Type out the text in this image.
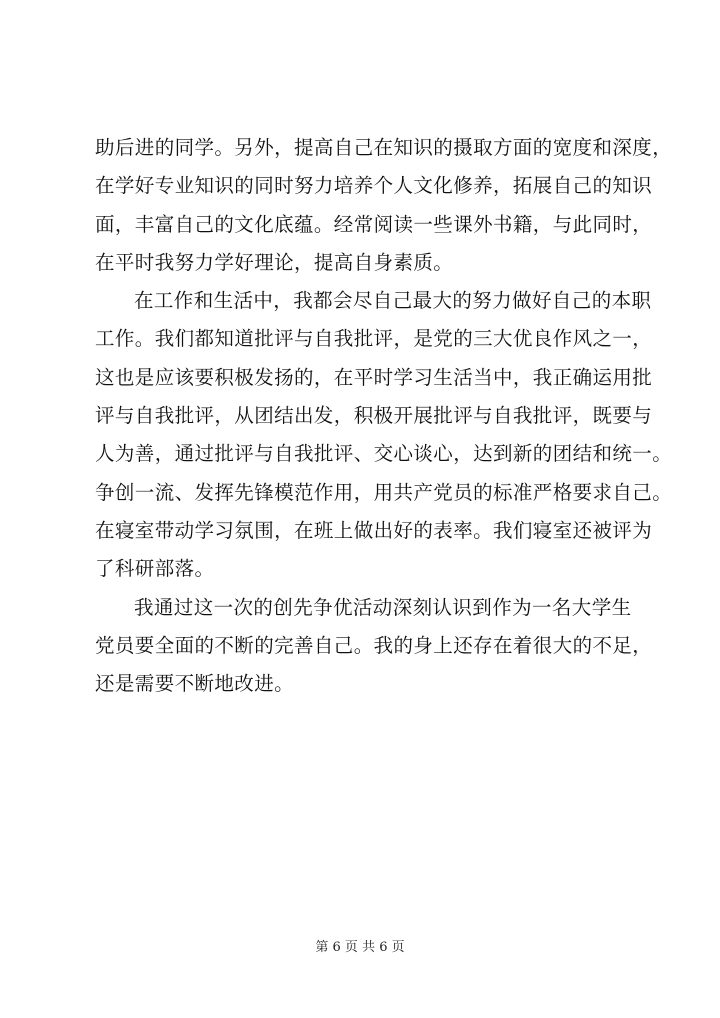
助后进的同学。另外，提高自己在知识的摄取方面的宽度和深度，
在学好专业知识的同时努力培养个人文化修养，拓展自己的知识
面，丰富自己的文化底蕴。经常阅读一些课外书籍，与此同时，
在平时我努力学好理论，提高自身素质。
在工作和生活中，我都会尽自己最大的努力做好自己的本职
工作。我们都知道批评与自我批评，是党的三大优良作风之一，
这也是应该要积极发扬的，在平时学习生活当中，我正确运用批
评与自我批评，从团结出发，积极开展批评与自我批评，既要与
人为善，通过批评与自我批评、交心谈心，达到新的团结和统一。
争创一流、发挥先锋模范作用，用共产党员的标准严格要求自己。
在寝室带动学习氛围，在班上做出好的表率。我们寝室还被评为
了科研部落。
我通过这一次的创先争优活动深刻认识到作为一名大学生
党员要全面的不断的完善自己。我的身上还存在着很大的不足，
还是需要不断地改进。
第 6 页 共 6 页
